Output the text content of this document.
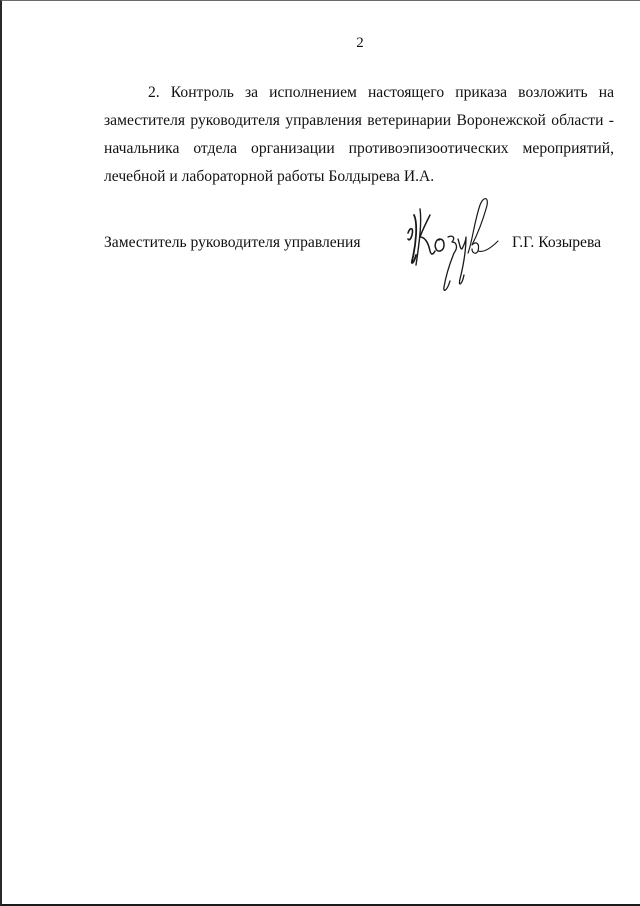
2
2. Контроль за исполнением настоящего приказа возложить на
заместителя руководителя управления ветеринарии Воронежской области -
начальника отдела организации противоэпизоотических мероприятий,
лечебной и лабораторной работы Болдырева И.А.
Заместитель руководителя управления	Г.Г. Козырева
